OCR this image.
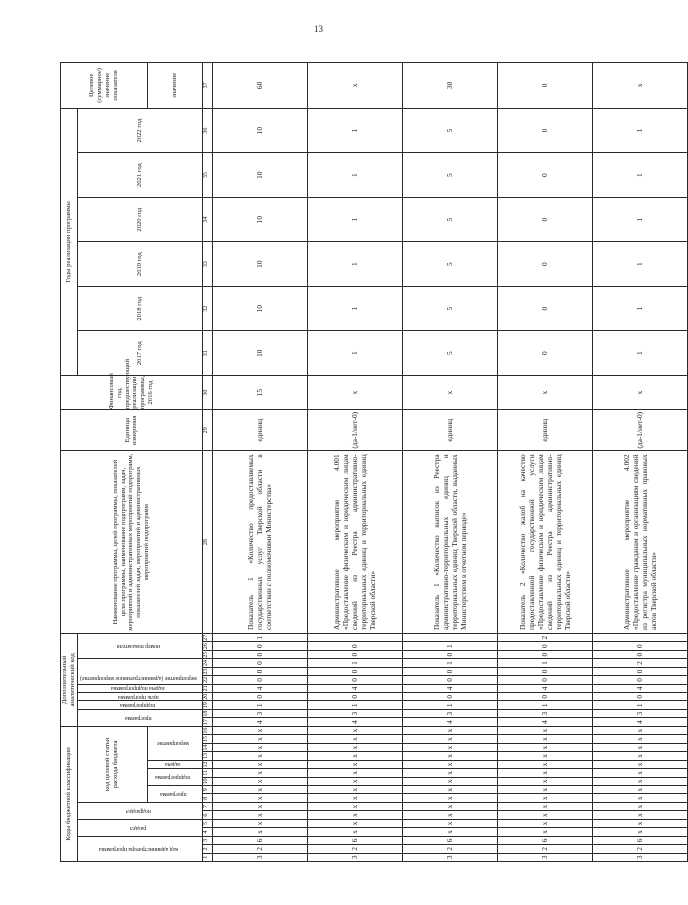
13
Коды бюджетной классификации																Дополнительный аналитический код											Наименование программы, целей программы, показателей цели программы, наименование подпрограмм, задач, мероприятий и административных мероприятий подпрограмм, показателей задач, мероприятий и административных мероприятий подпрограмм	Единица измерения	Финансовый год, предшествующий реализации программы, 2016 год	Годы реализации программы						Целевое (суммарное) значение показателя
код администратора программы			раздел		подраздел		код целевой статьи расхода бюджета									программа		подпрограмма	цель программы	задача подпрограммы	мероприятие (административное мероприятие)			номер показателя						2017 год	2018 год	2019 год	2020 год	2021 год	2022 год	
							программа		подпрограмма		задача	мероприятие																								значение
1	2	3	4	5	6	7	8	9	10	11	12	13	14	15	16	17	18	19	20	21	22	23	24	25	26	27	28	29	30	31	32	33	34	35	36	37
3	2	6	х	х	х	х	х	х	х	х	х	х	х	х	х	4	3	1	0	4	0	0	0	0	0	1	Показатель 1 «Количество предоставляемых государственных услуг Тверской области в соответствии с полномочиями Министерства»	единиц	15	10	10	10	10	10	10	60
3	2	6	х	х	х	х	х	х	х	х	х	х	х	х	х	4	3	1	0	4	0	0	1	0	0		Административное мероприятие 4.001 «Предоставление физическим и юридическим лицам сведений из Реестра административно-территориальных единиц и территориальных единиц Тверской области»	(да-1/нет-0)	х	1	1	1	1	1	1	х
3	2	6	х	х	х	х	х	х	х	х	х	х	х	х	х	4	3	1	0	4	0	0	1	0	1		Показатель 1 «Количество выписок из Реестра административно-территориальных единиц и территориальных единиц Тверской области, выданных Министерством в отчетном периоде»	единиц	х	5	5	5	5	5	5	30
3	2	6	х	х	х	х	х	х	х	х	х	х	х	х	х	4	3	1	0	4	0	0	1	0	0	2	Показатель 2 «Количество жалоб на качество предоставленной государственной услуги «Предоставление физическим и юридическим лицам сведений из Реестра административно-территориальных единиц и территориальных единиц Тверской области»	единиц	х	0	0	0	0	0	0	0
3	2	6	х	х	х	х	х	х	х	х	х	х	х	х	х	4	3	1	0	4	0	0	2	0	0		Административное мероприятие 4.002 «Предоставление гражданам и организациям сведений из регистра муниципальных нормативных правовых актов Тверской области»	(да-1/нет-0)	х	1	1	1	1	1	1	х
